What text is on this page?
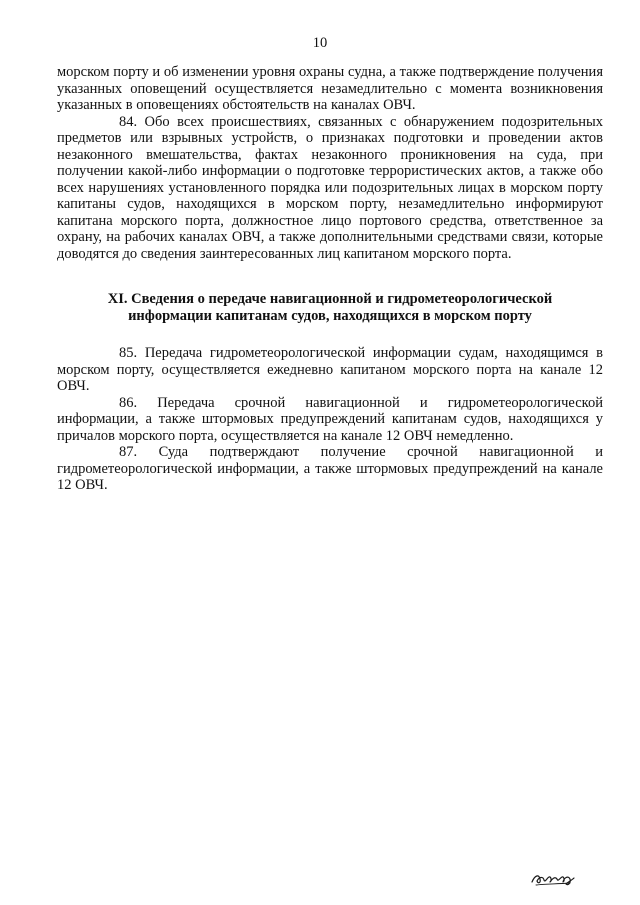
10

морском порту и об изменении уровня охраны судна, а также подтверждение получения указанных оповещений осуществляется незамедлительно с момента возникновения указанных в оповещениях обстоятельств на каналах ОВЧ.

84. Обо всех происшествиях, связанных с обнаружением подозрительных предметов или взрывных устройств, о признаках подготовки и проведении актов незаконного вмешательства, фактах незаконного проникновения на суда, при получении какой-либо информации о подготовке террористических актов, а также обо всех нарушениях установленного порядка или подозрительных лицах в морском порту капитаны судов, находящихся в морском порту, незамедлительно информируют капитана морского порта, должностное лицо портового средства, ответственное за охрану, на рабочих каналах ОВЧ, а также дополнительными средствами связи, которые доводятся до сведения заинтересованных лиц капитаном морского порта.

XI. Сведения о передаче навигационной и гидрометеорологической
информации капитанам судов, находящихся в морском порту

85. Передача гидрометеорологической информации судам, находящимся в морском порту, осуществляется ежедневно капитаном морского порта на канале 12 ОВЧ.

86. Передача срочной навигационной и гидрометеорологической информации, а также штормовых предупреждений капитанам судов, находящихся у причалов морского порта, осуществляется на канале 12 ОВЧ немедленно.

87. Суда подтверждают получение срочной навигационной и гидрометеорологической информации, а также штормовых предупреждений на канале 12 ОВЧ.
